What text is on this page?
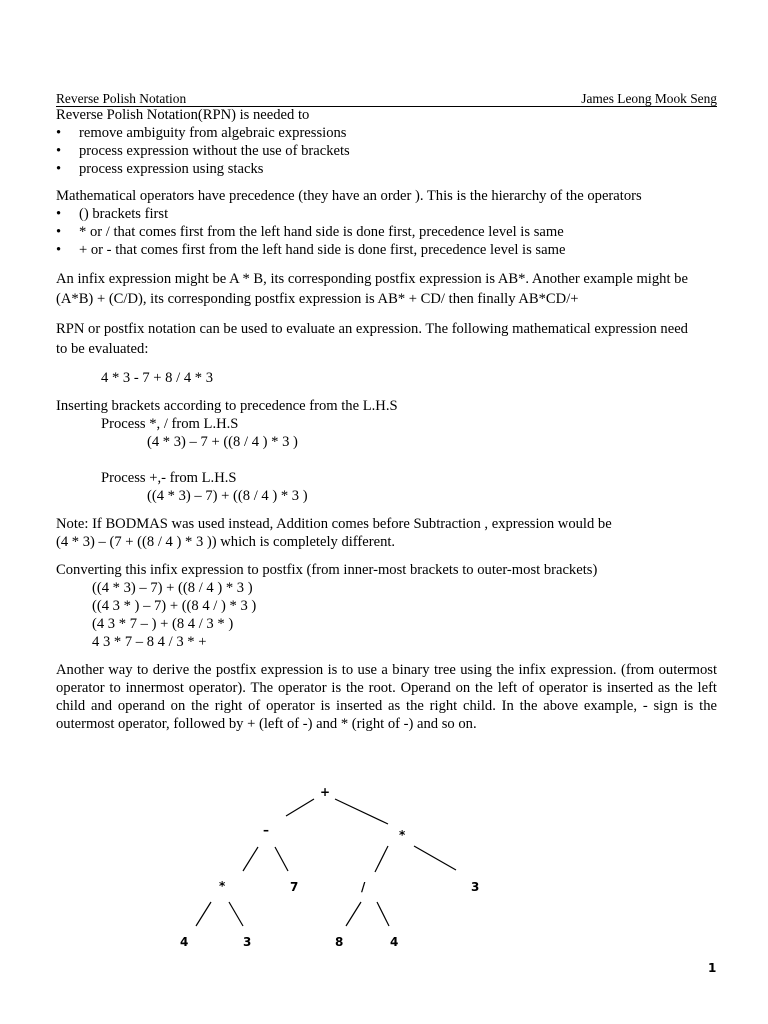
Reverse Polish Notation	James Leong Mook Seng

Reverse Polish Notation(RPN) is needed to

• remove ambiguity from algebraic expressions
• process expression without the use of brackets
• process expression using stacks

Mathematical operators have precedence (they have an order ). This is the hierarchy of the operators

• () brackets first
• * or / that comes first from the left hand side is done first, precedence level is same
• + or - that comes first from the left hand side is done first, precedence level is same

An infix expression might be A * B, its corresponding postfix expression is AB*. Another example might be

(A*B) + (C/D), its corresponding postfix expression is AB* + CD/ then finally AB*CD/+

RPN or postfix notation can be used to evaluate an expression. The following mathematical expression need

to be evaluated:

4 * 3 - 7 + 8 / 4 * 3

Inserting brackets according to precedence from the L.H.S

Process *, / from L.H.S

(4 * 3) – 7 + ((8 / 4 ) * 3 )

Process +,- from L.H.S

((4 * 3) – 7) + ((8 / 4 ) * 3 )

Note: If BODMAS was used instead, Addition comes before Subtraction , expression would be

(4 * 3) – (7 + ((8 / 4 ) * 3 )) which is completely different.

Converting this infix expression to postfix (from inner-most brackets to outer-most brackets)

((4 * 3) – 7) + ((8 / 4 ) * 3 )

((4 3 * ) – 7) + ((8 4 / ) * 3 )

(4 3 * 7 – ) + (8 4 / 3 * )

4 3 * 7 – 8 4 / 3 * +

Another way to derive the postfix expression is to use a binary tree using the infix expression. (from outermost operator to innermost operator). The operator is the root. Operand on the left of operator is inserted as the left child and operand on the right of operator is inserted as the right child. In the above example, - sign is the outermost operator, followed by + (left of -) and * (right of -) and so on.

+
–	*
*	7	/	3
4	3	8	4
1
